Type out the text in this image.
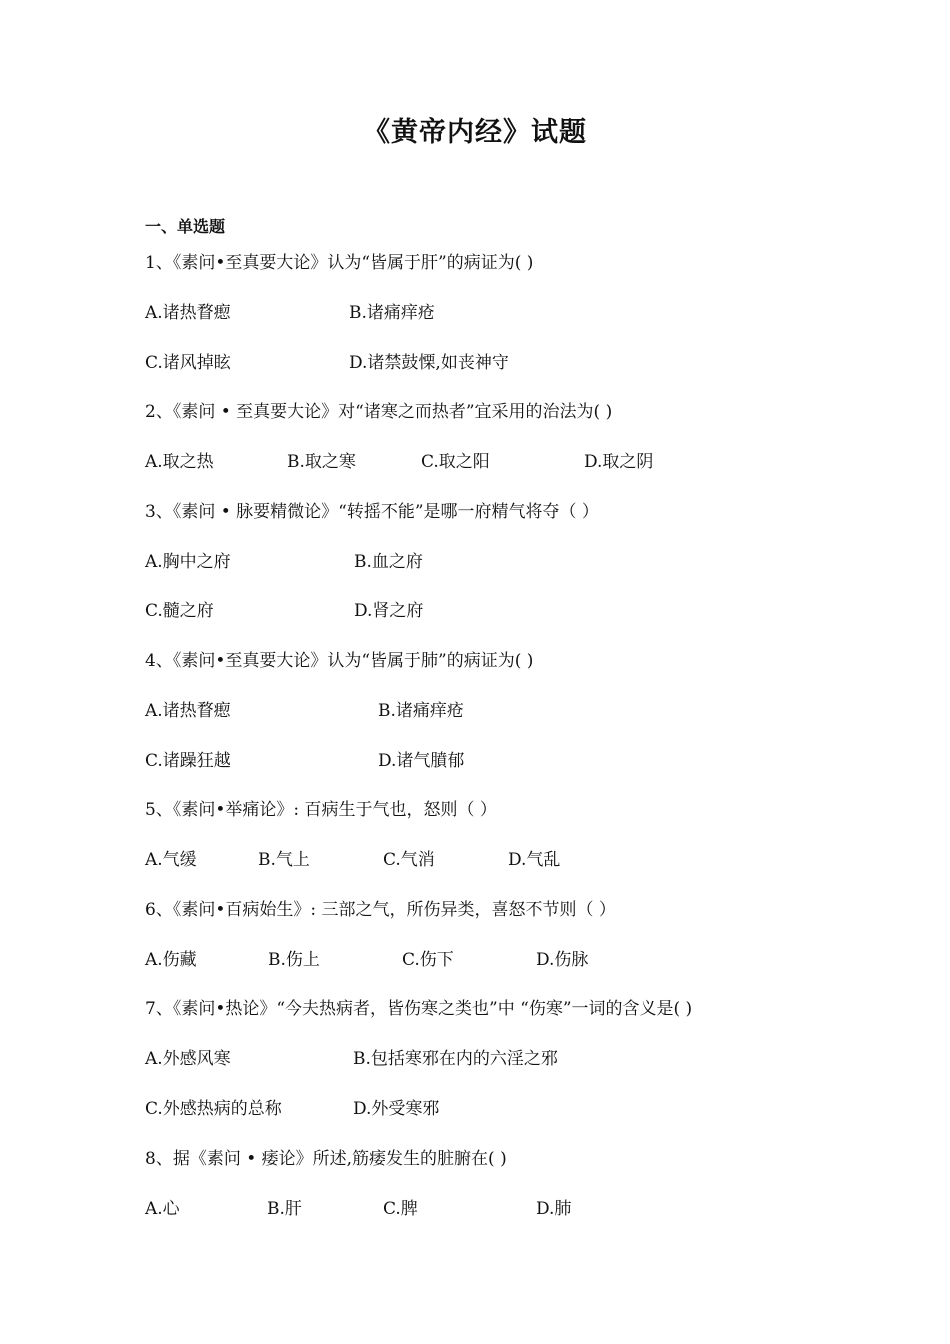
《黄帝内经》试题
一、单选题
1、《素问•至真要大论》认为“皆属于肝”的病证为( )
A.诸热瞀瘛	B.诸痛痒疮
C.诸风掉眩	D.诸禁鼓慄,如丧神守
2、《素问 • 至真要大论》对“诸寒之而热者”宜采用的治法为( )
A.取之热	B.取之寒	C.取之阳	D.取之阴
3、《素问 • 脉要精微论》“转摇不能”是哪一府精气将夺（ ）
A.胸中之府	B.血之府
C.髓之府	D.肾之府
4、《素问•至真要大论》认为“皆属于肺”的病证为( )
A.诸热瞀瘛	B.诸痛痒疮
C.诸躁狂越	D.诸气膹郁
5、《素问•举痛论》: 百病生于气也，怒则（ ）
A.气缓	B.气上	C.气消	D.气乱
6、《素问•百病始生》: 三部之气，所伤异类，喜怒不节则（ ）
A.伤藏	B.伤上	C.伤下	D.伤脉
7、《素问•热论》“今夫热病者，皆伤寒之类也”中 “伤寒”一词的含义是( )
A.外感风寒	B.包括寒邪在内的六淫之邪
C.外感热病的总称	D.外受寒邪
8、据《素问 • 痿论》所述,筋痿发生的脏腑在( )
A.心	B.肝	C.脾	D.肺
